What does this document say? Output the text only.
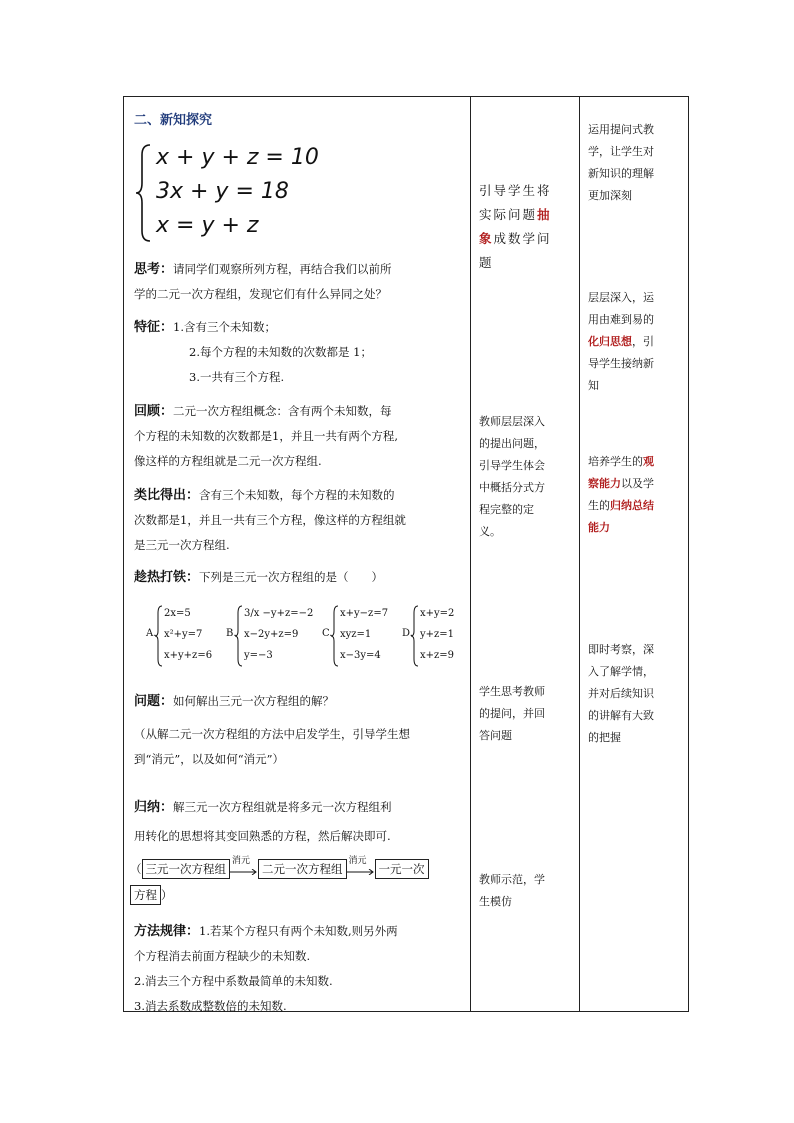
二、新知探究
x + y + z = 10
3x + y = 18
x = y + z
思考：请同学们观察所列方程，再结合我们以前所
学的二元一次方程组，发现它们有什么异同之处？
特征：1.含有三个未知数；
2.每个方程的未知数的次数都是 1；
3.一共有三个方程.
回顾：二元一次方程组概念：含有两个未知数，每
个方程的未知数的次数都是1，并且一共有两个方程,
像这样的方程组就是二元一次方程组.
类比得出：含有三个未知数，每个方程的未知数的
次数都是1，并且一共有三个方程，像这样的方程组就
是三元一次方程组.
趁热打铁：下列是三元一次方程组的是（　　）
A.
2x=5
x²+y=7
x+y+z=6
B.
3/x −y+z=−2
x−2y+z=9
y=−3
C.
x+y−z=7
xyz=1
x−3y=4
D.
x+y=2
y+z=1
x+z=9
问题：如何解出三元一次方程组的解？
（从解二元一次方程组的方法中启发学生，引导学生想
到“消元”，以及如何“消元”）
归纳：解三元一次方程组就是将多元一次方程组利
用转化的思想将其变回熟悉的方程，然后解决即可.
（ 三元一次方程组
消元
二元一次方程组
消元
一元一次
方程 ）
方法规律：1.若某个方程只有两个未知数,则另外两
个方程消去前面方程缺少的未知数.
2.消去三个方程中系数最简单的未知数.
3.消去系数成整数倍的未知数.
引导学生将
实际问题抽
象成数学问
题
教师层层深入
的提出问题，
引导学生体会
中概括分式方
程完整的定
义。
学生思考教师
的提问，并回
答问题
教师示范，学
生模仿
运用提问式教
学，让学生对
新知识的理解
更加深刻
层层深入，运
用由难到易的
化归思想，引
导学生接纳新
知
培养学生的观
察能力以及学
生的归纳总结
能力
即时考察，深
入了解学情，
并对后续知识
的讲解有大致
的把握
